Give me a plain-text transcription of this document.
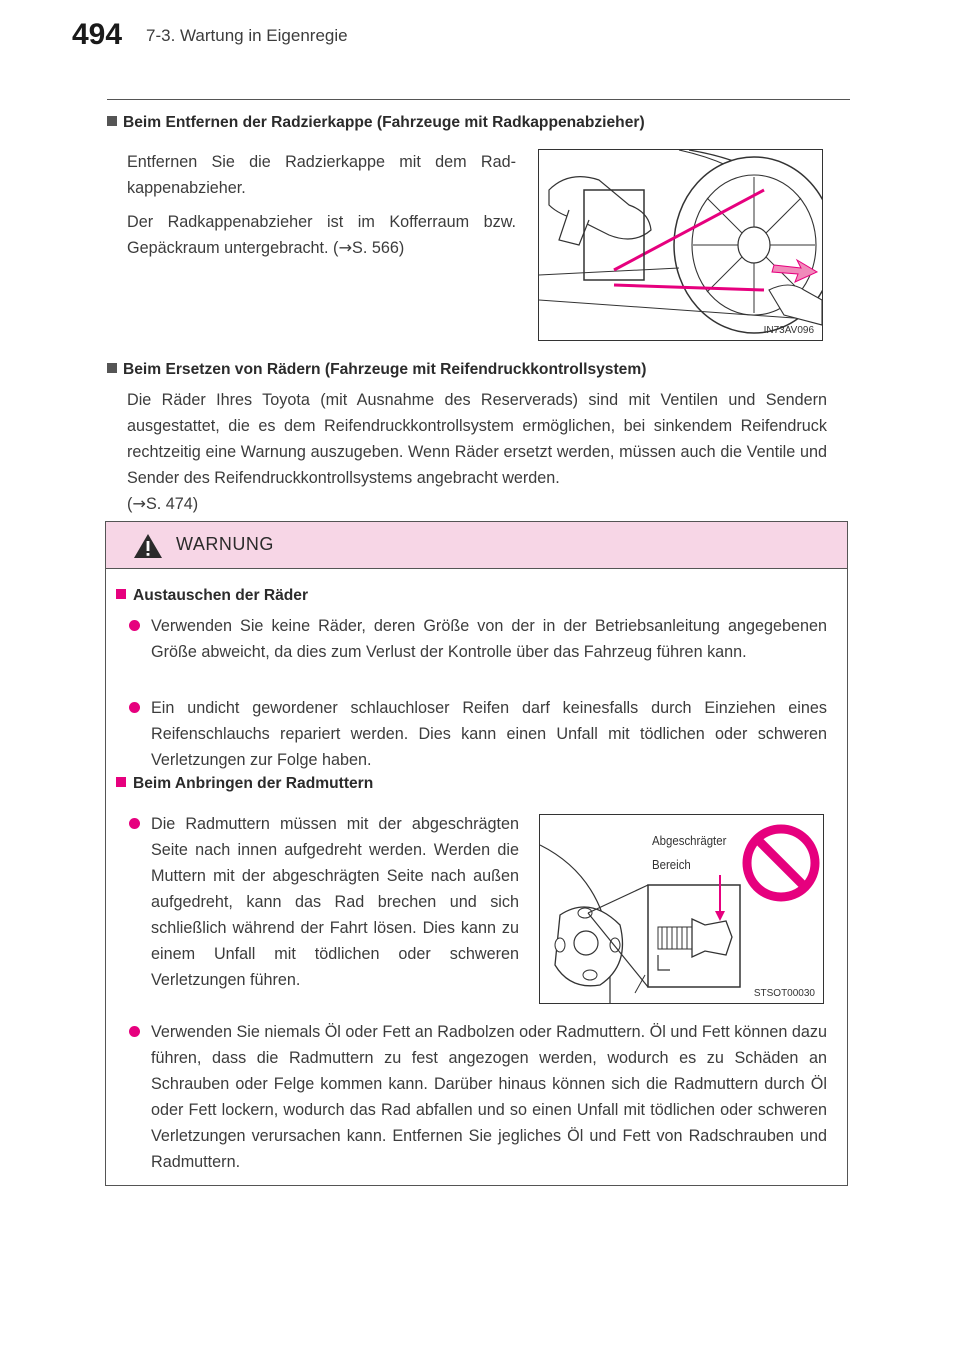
494 7-3. Wartung in Eigenregie
Beim Entfernen der Radzierkappe (Fahrzeuge mit Radkappenabzieher)

Entfernen Sie die Radzierkappe mit dem Radkappenabzieher.

Der Radkappenabzieher ist im Kofferraum bzw. Gepäckraum untergebracht. (→S. 566)

IN73AV096
Beim Ersetzen von Rädern (Fahrzeuge mit Reifendruckkontrollsystem)

Die Räder Ihres Toyota (mit Ausnahme des Reserverads) sind mit Ventilen und Sendern ausgestattet, die es dem Reifendruckkontrollsystem ermöglichen, bei sinkendem Reifendruck rechtzeitig eine Warnung auszugeben. Wenn Räder ersetzt werden, müssen auch die Ventile und Sender des Reifendruckkontrollsystems angebracht werden.

(→S. 474)

WARNUNG
Austauschen der Räder
Verwenden Sie keine Räder, deren Größe von der in der Betriebsanleitung angegebenen Größe abweicht, da dies zum Verlust der Kontrolle über das Fahrzeug führen kann.
Ein undicht gewordener schlauchloser Reifen darf keinesfalls durch Einziehen eines Reifenschlauchs repariert werden. Dies kann einen Unfall mit tödlichen oder schweren Verletzungen zur Folge haben.
Beim Anbringen der Radmuttern
Die Radmuttern müssen mit der abgeschrägten Seite nach innen aufgedreht werden. Werden die Muttern mit der abgeschrägten Seite nach außen aufgedreht, kann das Rad brechen und sich schließlich während der Fahrt lösen. Dies kann zu einem Unfall mit tödlichen oder schweren Verletzungen führen.
Abgeschrägter
Bereich
STSOT00030
Verwenden Sie niemals Öl oder Fett an Radbolzen oder Radmuttern. Öl und Fett können dazu führen, dass die Radmuttern zu fest angezogen werden, wodurch es zu Schäden an Schrauben oder Felge kommen kann. Darüber hinaus können sich die Radmuttern durch Öl oder Fett lockern, wodurch das Rad abfallen und so einen Unfall mit tödlichen oder schweren Verletzungen verursachen kann. Entfernen Sie jegliches Öl und Fett von Radschrauben und Radmuttern.
